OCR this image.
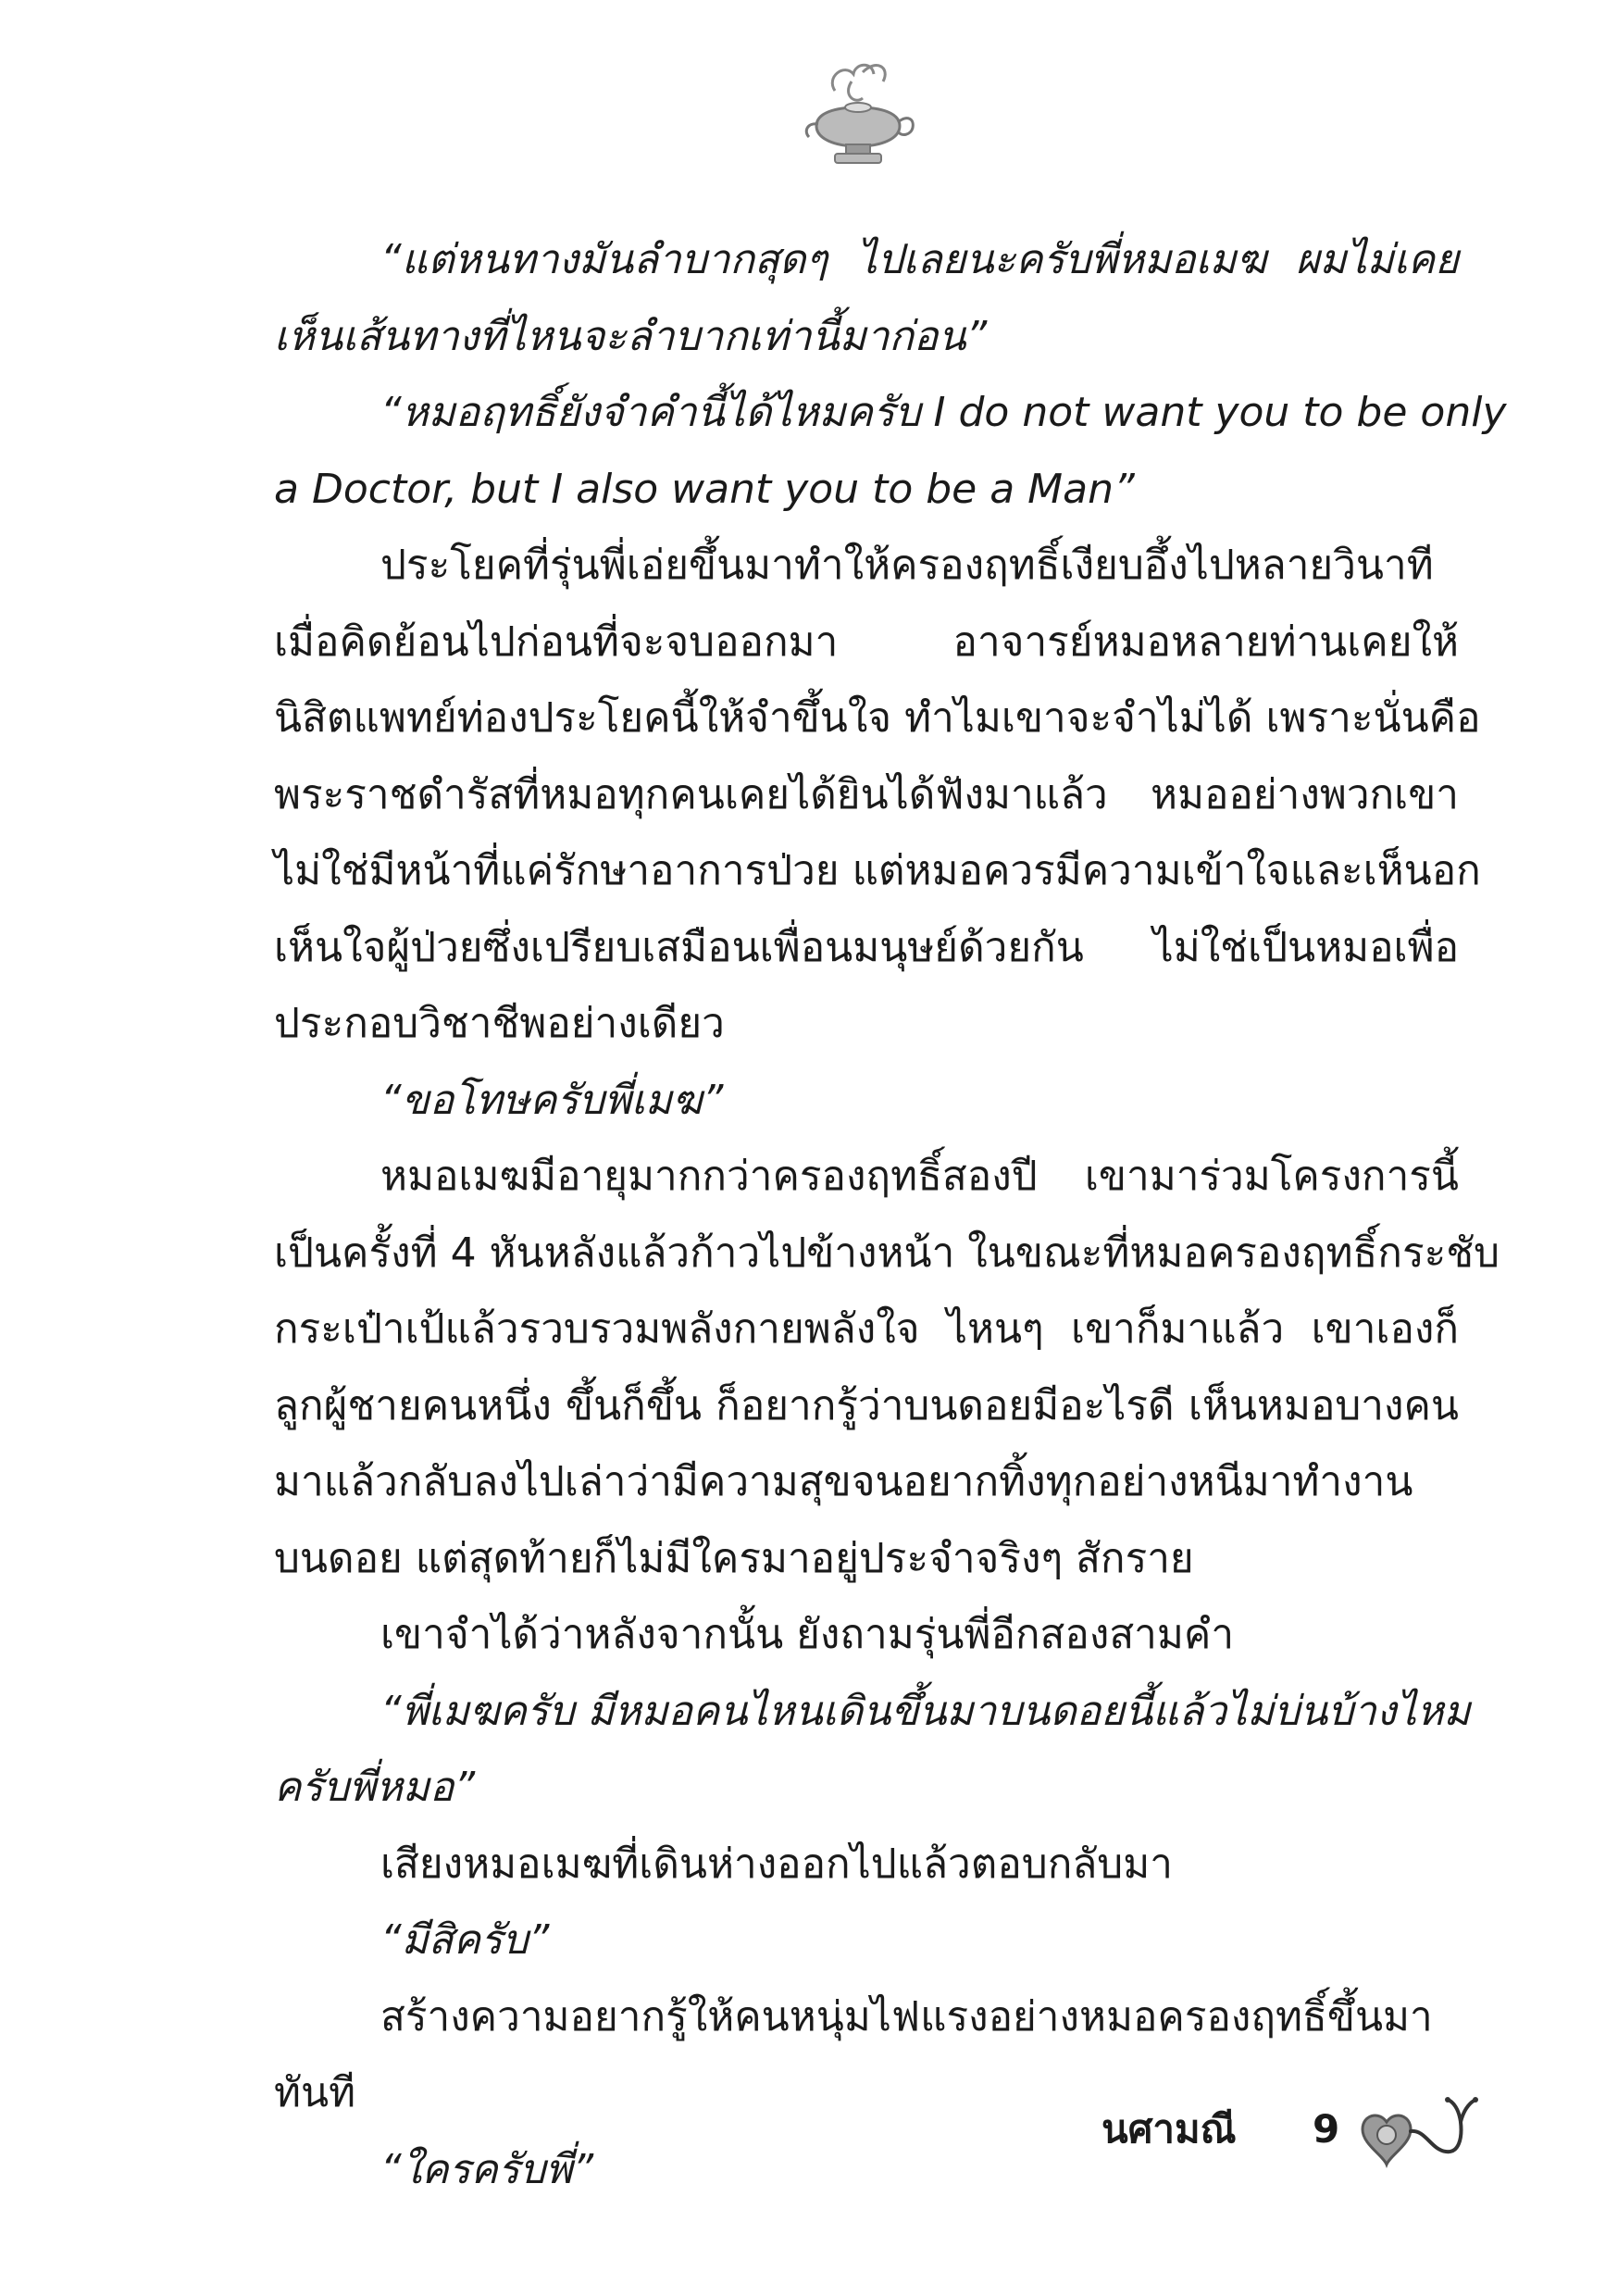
“แต่หนทางมันลำบากสุดๆ ไปเลยนะครับพี่หมอเมฆ ผมไม่เคย
เห็นเส้นทางที่ไหนจะลำบากเท่านี้มาก่อน”
“หมอฤทธิ์ยังจำคำนี้ได้ไหมครับ I do not want you to be only
a Doctor, but I also want you to be a Man”
ประโยคที่รุ่นพี่เอ่ยขึ้นมาทำให้ครองฤทธิ์เงียบอึ้งไปหลายวินาที
เมื่อคิดย้อนไปก่อนที่จะจบออกมา อาจารย์หมอหลายท่านเคยให้
นิสิตแพทย์ท่องประโยคนี้ให้จำขึ้นใจ ทำไมเขาจะจำไม่ได้ เพราะนั่นคือ
พระราชดำรัสที่หมอทุกคนเคยได้ยินได้ฟังมาแล้ว หมออย่างพวกเขา
ไม่ใช่มีหน้าที่แค่รักษาอาการป่วย แต่หมอควรมีความเข้าใจและเห็นอก
เห็นใจผู้ป่วยซึ่งเปรียบเสมือนเพื่อนมนุษย์ด้วยกัน ไม่ใช่เป็นหมอเพื่อ
ประกอบวิชาชีพอย่างเดียว
“ขอโทษครับพี่เมฆ”
หมอเมฆมีอายุมากกว่าครองฤทธิ์สองปี เขามาร่วมโครงการนี้
เป็นครั้งที่ 4 หันหลังแล้วก้าวไปข้างหน้า ในขณะที่หมอครองฤทธิ์กระชับ
กระเป๋าเป้แล้วรวบรวมพลังกายพลังใจ ไหนๆ เขาก็มาแล้ว เขาเองก็
ลูกผู้ชายคนหนึ่ง ขึ้นก็ขึ้น ก็อยากรู้ว่าบนดอยมีอะไรดี เห็นหมอบางคน
มาแล้วกลับลงไปเล่าว่ามีความสุขจนอยากทิ้งทุกอย่างหนีมาทำงาน
บนดอย แต่สุดท้ายก็ไม่มีใครมาอยู่ประจำจริงๆ สักราย
เขาจำได้ว่าหลังจากนั้น ยังถามรุ่นพี่อีกสองสามคำ
“พี่เมฆครับ มีหมอคนไหนเดินขึ้นมาบนดอยนี้แล้วไม่บ่นบ้างไหม
ครับพี่หมอ”
เสียงหมอเมฆที่เดินห่างออกไปแล้วตอบกลับมา
“มีสิครับ”
สร้างความอยากรู้ให้คนหนุ่มไฟแรงอย่างหมอครองฤทธิ์ขึ้นมา
ทันที
“ใครครับพี่”
นศามณี 9
